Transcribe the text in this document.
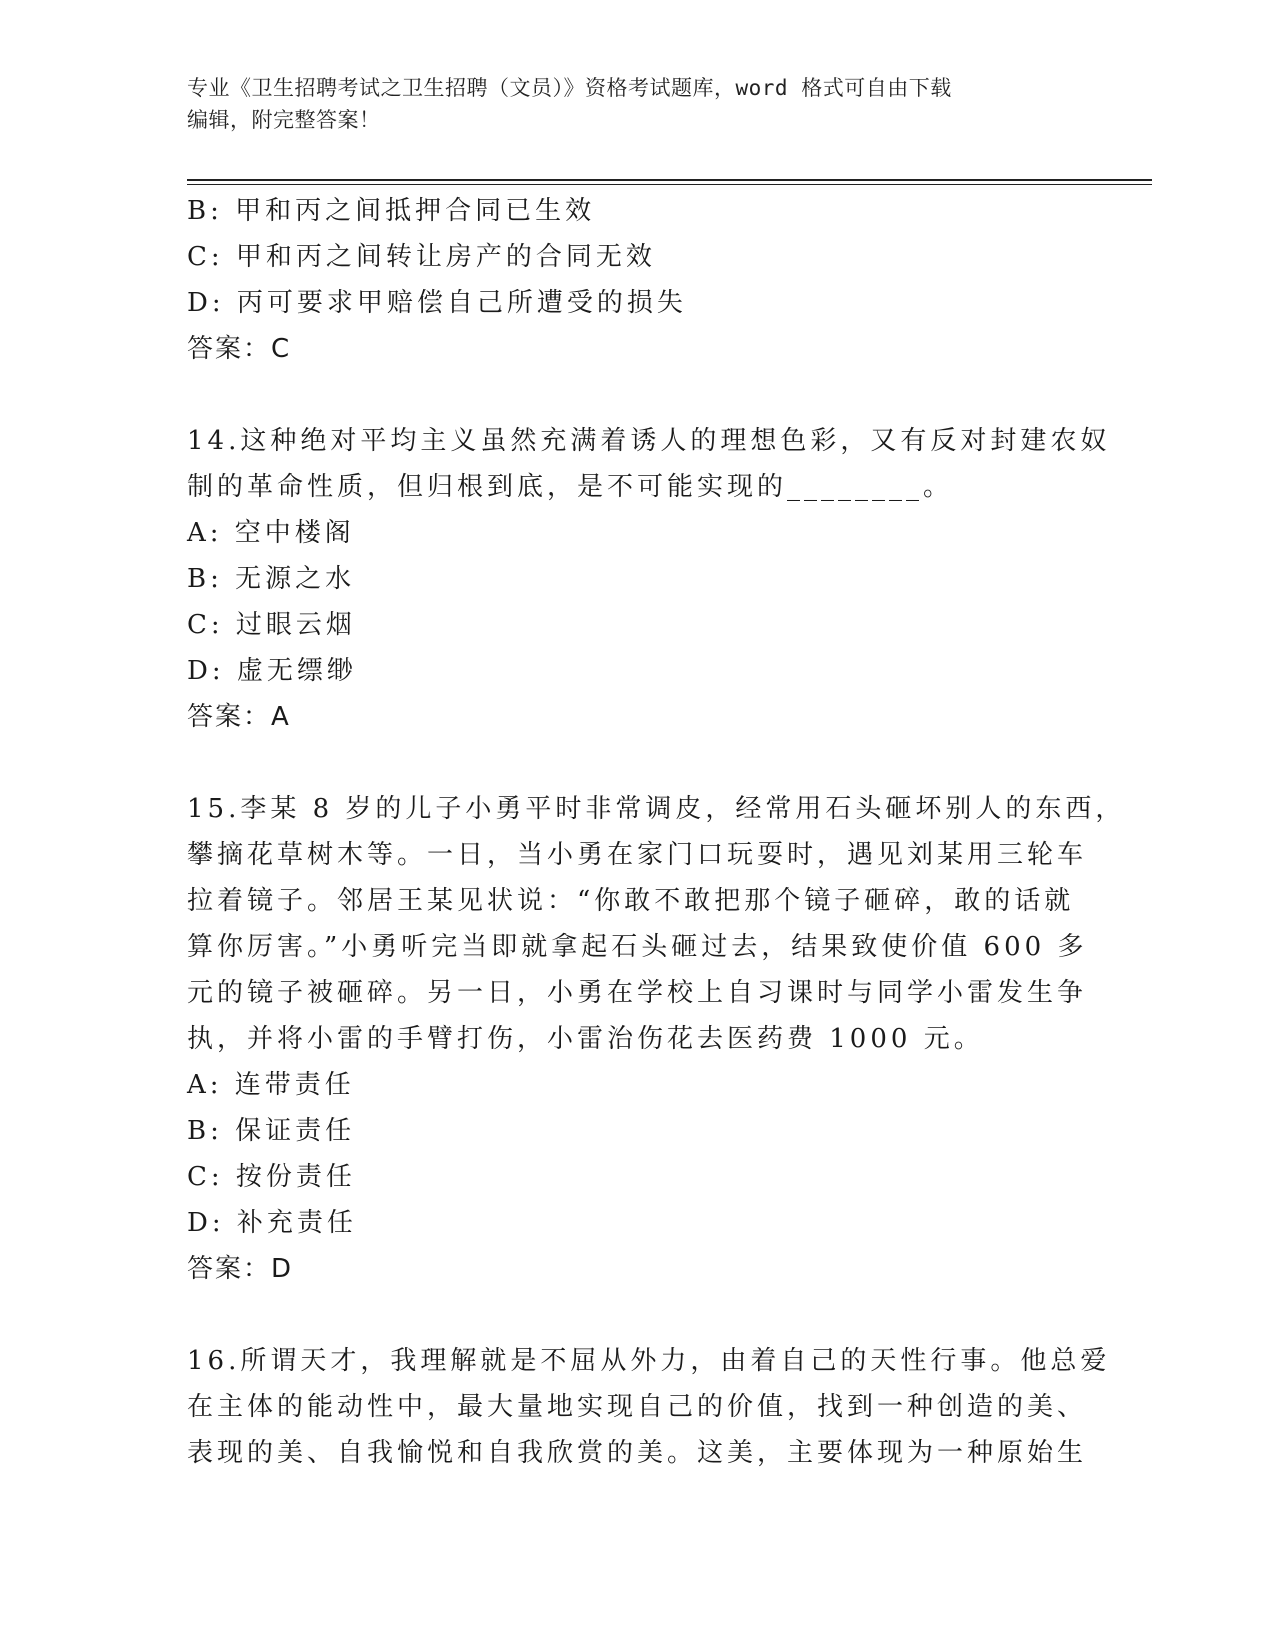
专业《卫生招聘考试之卫生招聘（文员）》资格考试题库，word 格式可自由下载
编辑，附完整答案！

B: 甲和丙之间抵押合同已生效

C: 甲和丙之间转让房产的合同无效

D: 丙可要求甲赔偿自己所遭受的损失

答案：C

14.这种绝对平均主义虽然充满着诱人的理想色彩，又有反对封建农奴

制的革命性质，但归根到底，是不可能实现的________。

A: 空中楼阁

B: 无源之水

C: 过眼云烟

D: 虚无缥缈

答案：A

15.李某 8 岁的儿子小勇平时非常调皮，经常用石头砸坏别人的东西，

攀摘花草树木等。一日，当小勇在家门口玩耍时，遇见刘某用三轮车

拉着镜子。邻居王某见状说：“你敢不敢把那个镜子砸碎，敢的话就

算你厉害。”小勇听完当即就拿起石头砸过去，结果致使价值 600 多

元的镜子被砸碎。另一日，小勇在学校上自习课时与同学小雷发生争

执，并将小雷的手臂打伤，小雷治伤花去医药费 1000 元。

A: 连带责任

B: 保证责任

C: 按份责任

D: 补充责任

答案：D

16.所谓天才，我理解就是不屈从外力，由着自己的天性行事。他总爱

在主体的能动性中，最大量地实现自己的价值，找到一种创造的美、

表现的美、自我愉悦和自我欣赏的美。这美，主要体现为一种原始生
